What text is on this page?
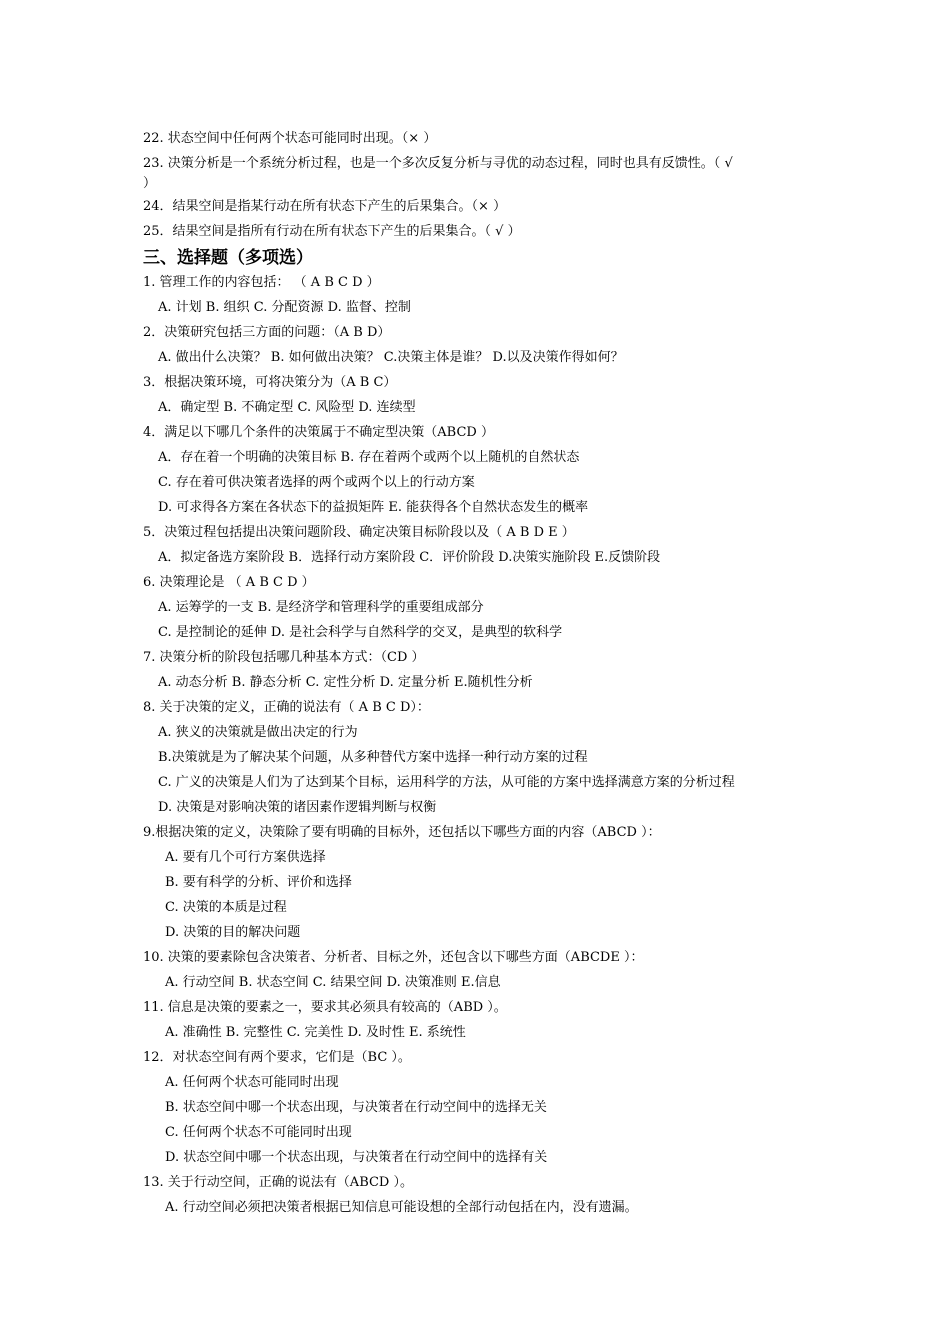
22. 状态空间中任何两个状态可能同时出现。（× ）
23. 决策分析是一个系统分析过程，也是一个多次反复分析与寻优的动态过程，同时也具有反馈性。（ √
）
24．结果空间是指某行动在所有状态下产生的后果集合。（× ）
25．结果空间是指所有行动在所有状态下产生的后果集合。（ √ ）
三、选择题（多项选）
1. 管理工作的内容包括： （ A B C D ）
A. 计划 B. 组织 C. 分配资源 D. 监督、控制
2．决策研究包括三方面的问题：（A B D）
A. 做出什么决策？ B. 如何做出决策？ C.决策主体是谁？ D.以及决策作得如何？
3．根据决策环境，可将决策分为（A B C）
A．确定型 B. 不确定型 C. 风险型 D. 连续型
4．满足以下哪几个条件的决策属于不确定型决策（ABCD ）
A．存在着一个明确的决策目标 B. 存在着两个或两个以上随机的自然状态
C. 存在着可供决策者选择的两个或两个以上的行动方案
D. 可求得各方案在各状态下的益损矩阵 E. 能获得各个自然状态发生的概率
5．决策过程包括提出决策问题阶段、确定决策目标阶段以及（ A B D E ）
A．拟定备选方案阶段 B．选择行动方案阶段 C．评价阶段 D.决策实施阶段 E.反馈阶段
6. 决策理论是 （ A B C D ）
A. 运筹学的一支 B. 是经济学和管理科学的重要组成部分
C. 是控制论的延伸 D. 是社会科学与自然科学的交叉，是典型的软科学
7. 决策分析的阶段包括哪几种基本方式：（CD ）
A. 动态分析 B. 静态分析 C. 定性分析 D. 定量分析 E.随机性分析
8. 关于决策的定义，正确的说法有（ A B C D）：
A. 狭义的决策就是做出决定的行为
B.决策就是为了解决某个问题，从多种替代方案中选择一种行动方案的过程
C. 广义的决策是人们为了达到某个目标，运用科学的方法，从可能的方案中选择满意方案的分析过程
D. 决策是对影响决策的诸因素作逻辑判断与权衡
9.根据决策的定义，决策除了要有明确的目标外，还包括以下哪些方面的内容（ABCD ）：
A. 要有几个可行方案供选择
B. 要有科学的分析、评价和选择
C. 决策的本质是过程
D. 决策的目的解决问题
10. 决策的要素除包含决策者、分析者、目标之外，还包含以下哪些方面（ABCDE ）：
A. 行动空间 B. 状态空间 C. 结果空间 D. 决策准则 E.信息
11. 信息是决策的要素之一，要求其必须具有较高的（ABD ）。
A. 准确性 B. 完整性 C. 完美性 D. 及时性 E. 系统性
12．对状态空间有两个要求，它们是（BC ）。
A. 任何两个状态可能同时出现
B. 状态空间中哪一个状态出现，与决策者在行动空间中的选择无关
C. 任何两个状态不可能同时出现
D. 状态空间中哪一个状态出现，与决策者在行动空间中的选择有关
13. 关于行动空间，正确的说法有（ABCD ）。
A. 行动空间必须把决策者根据已知信息可能设想的全部行动包括在内，没有遗漏。
